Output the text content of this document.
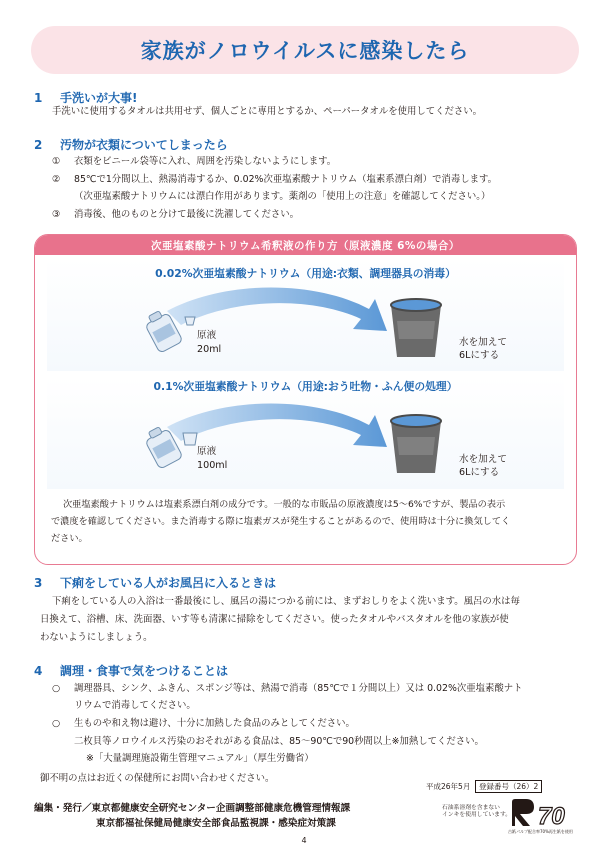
家族がノロウイルスに感染したら
1 手洗いが大事!
手洗いに使用するタオルは共用せず、個人ごとに専用とするか、ペーパータオルを使用してください。
2 汚物が衣類についてしまったら
① 衣類をビニール袋等に入れ、周囲を汚染しないようにします。
② 85℃で1分間以上、熱湯消毒するか、0.02%次亜塩素酸ナトリウム（塩素系漂白剤）で消毒します。
（次亜塩素酸ナトリウムには漂白作用があります。薬剤の「使用上の注意」を確認してください。）
③ 消毒後、他のものと分けて最後に洗濯してください。
次亜塩素酸ナトリウム希釈液の作り方（原液濃度 6%の場合）
0.02%次亜塩素酸ナトリウム（用途:衣類、調理器具の消毒）
原液
20ml
水を加えて
6Lにする
0.1%次亜塩素酸ナトリウム（用途:おう吐物・ふん便の処理）
原液
100ml
水を加えて
6Lにする
次亜塩素酸ナトリウムは塩素系漂白剤の成分です。一般的な市販品の原液濃度は5～6%ですが、製品の表示
で濃度を確認してください。また消毒する際に塩素ガスが発生することがあるので、使用時は十分に換気してく
ださい。
3 下痢をしている人がお風呂に入るときは
下痢をしている人の入浴は一番最後にし、風呂の湯につかる前には、まずおしりをよく洗います。風呂の水は毎
日換えて、浴槽、床、洗面器、いす等も清潔に掃除をしてください。使ったタオルやバスタオルを他の家族が使
わないようにしましょう。
4 調理・食事で気をつけることは
○ 調理器具、シンク、ふきん、スポンジ等は、熱湯で消毒（85℃で１分間以上）又は 0.02%次亜塩素酸ナト
リウムで消毒してください。
○ 生ものや和え物は避け、十分に加熱した食品のみとしてください。
二枚貝等ノロウイルス汚染のおそれがある食品は、85～90℃で90秒間以上※加熱してください。
※「大量調理施設衛生管理マニュアル」（厚生労働省）
御不明の点はお近くの保健所にお問い合わせください。
平成26年5月	登録番号（26）2
編集・発行／東京都健康安全研究センター企画調整部健康危機管理情報課
東京都福祉保健局健康安全部食品監視課・感染症対策課
石油系溶剤を含まない
インキを使用しています。 70
古紙パルプ配合率70%再生紙を使用
4
